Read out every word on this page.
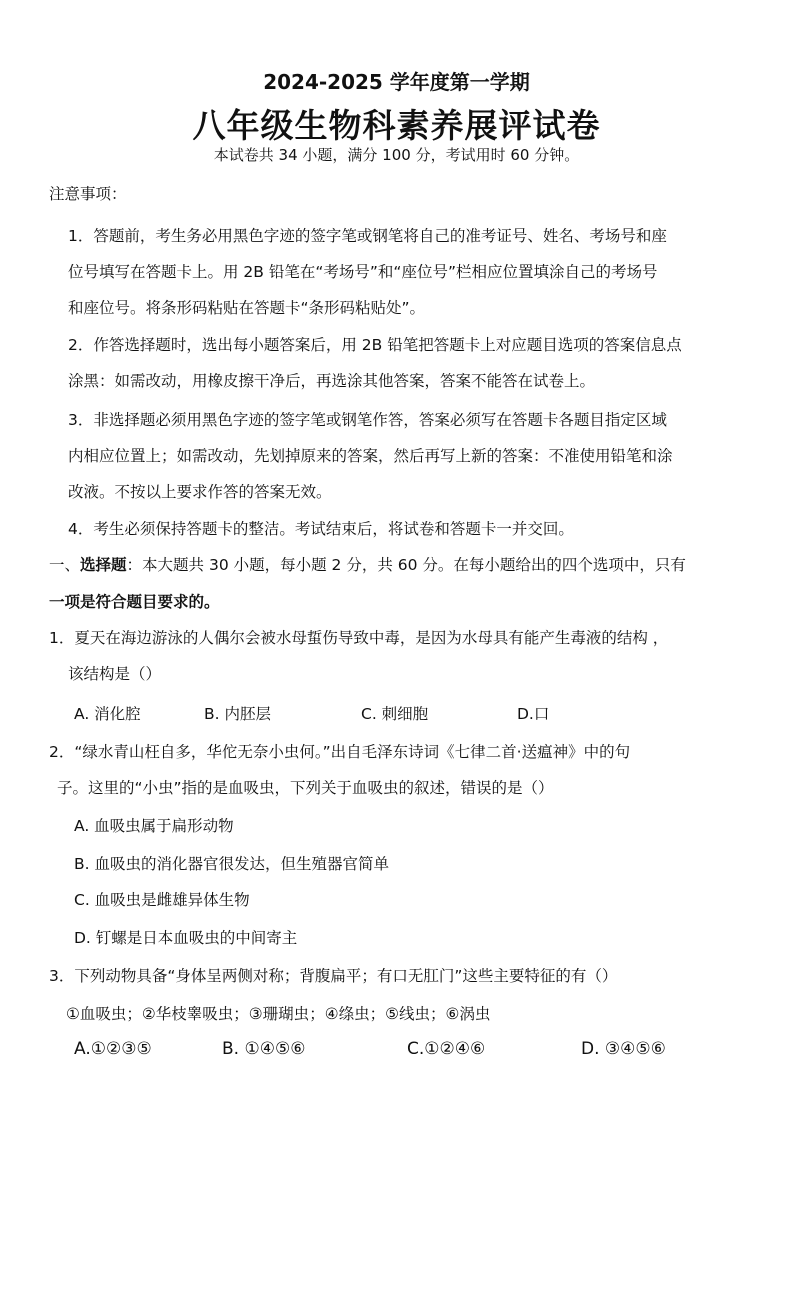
2024-2025 学年度第一学期
八年级生物科素养展评试卷
本试卷共 34 小题，满分 100 分，考试用时 60 分钟。
注意事项：
1．答题前，考生务必用黑色字迹的签字笔或钢笔将自己的准考证号、姓名、考场号和座
位号填写在答题卡上。用 2B 铅笔在“考场号”和“座位号”栏相应位置填涂自己的考场号
和座位号。将条形码粘贴在答题卡“条形码粘贴处”。
2．作答选择题时，选出每小题答案后，用 2B 铅笔把答题卡上对应题目选项的答案信息点
涂黑：如需改动，用橡皮擦干净后，再选涂其他答案，答案不能答在试卷上。
3．非选择题必须用黑色字迹的签字笔或钢笔作答，答案必须写在答题卡各题目指定区域
内相应位置上；如需改动，先划掉原来的答案，然后再写上新的答案：不准使用铅笔和涂
改液。不按以上要求作答的答案无效。
4．考生必须保持答题卡的整洁。考试结束后，将试卷和答题卡一并交回。
一、选择题：本大题共 30 小题，每小题 2 分，共 60 分。在每小题给出的四个选项中，只有
一项是符合题目要求的。
1．夏天在海边游泳的人偶尔会被水母蜇伤导致中毒，是因为水母具有能产生毒液的结构 ，
该结构是（）
A. 消化腔	B. 内胚层	C. 刺细胞	D.口
2．“绿水青山枉自多，华佗无奈小虫何。”出自毛泽东诗词《七律二首·送瘟神》中的句
子。这里的“小虫”指的是血吸虫，下列关于血吸虫的叙述，错误的是（）
A. 血吸虫属于扁形动物
B. 血吸虫的消化器官很发达，但生殖器官简单
C. 血吸虫是雌雄异体生物
D. 钉螺是日本血吸虫的中间寄主
3．下列动物具备“身体呈两侧对称；背腹扁平；有口无肛门”这些主要特征的有（）
①血吸虫；②华枝睾吸虫；③珊瑚虫；④绦虫；⑤线虫；⑥涡虫
A.①②③⑤	B. ①④⑤⑥	C.①②④⑥	D. ③④⑤⑥
